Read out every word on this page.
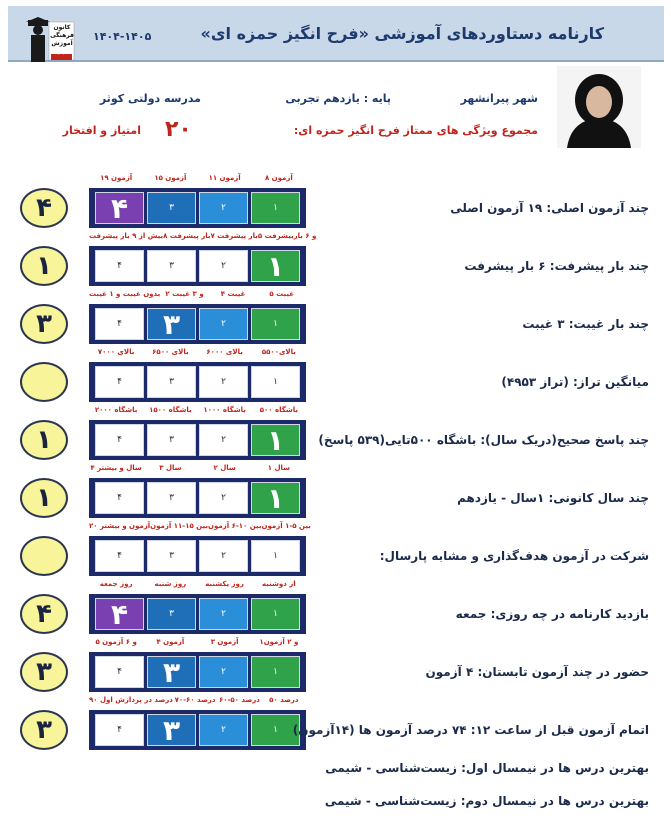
کانون
فرهنگی
آموزش
قلم چی
۱۴۰۴-۱۴۰۵	کارنامه دستاوردهای آموزشی «فرح انگیز حمزه ای»
شهر پیرانشهر
پایه : یازدهم تجربی
مدرسه دولتی کوثر
مجموع ویژگی های ممتاز فرح انگیز حمزه ای:
۲۰
امتیاز و افتخار
۱۹ آزمون	۱۵ آزمون	۱۱ آزمون	۸ آزمون
۴	۳	۲	۱
۴	چند آزمون اصلی: ۱۹ آزمون اصلی
بیش از ۹ بار پیشرفت ۸ بار پیشرفت ۷ بار پیشرفت ۵ و ۶ باربیشرفت
۴	۳	۲	۱
۱	چند بار پیشرفت: ۶ بار پیشرفت
بدون غیبت و ۱ غیبت ۲ و ۳ غیبت	۴ غیبت	۵ غیبت
۴	۳	۲	۱
۳	چند بار غیبت: ۳ غیبت
بالای ۷۰۰۰	بالای ۶۵۰۰	بالای ۶۰۰۰	بالای۵۵۰۰
۴	۳	۲	۱	میانگین تراز: (تراز ۴۹۵۳)
باشگاه ۲۰۰۰	باشگاه ۱۵۰۰	باشگاه ۱۰۰۰	باشگاه ۵۰۰
۴	۳	۲	۱
۱	چند پاسخ صحیح(دریک سال): باشگاه ۵۰۰تایی(۵۳۹ پاسخ)
۴ سال و بیشتر	۳ سال	۲ سال	۱ سال
۴	۳	۲	۱
۱	چند سال کانونی: ۱سال - یازدهم
۲۰ آزمون و بیشتر بین ۱۵-۱۱ آزمون بین ۱۰-۶ آزمون بین ۵-۱ آزمون
۴	۳	۲	۱	شرکت در آزمون هدف‌گذاری و مشابه پارسال:
روز جمعه	روز شنبه	روز یکشنبه	از دوشنبه
۴	۳	۲	۱
۴	بازدید کارنامه در چه روزی: جمعه
۵ و ۶ آزمون	۴ آزمون	۳ آزمون	۱و ۲ آزمون
۴	۳	۲	۱
۳	حضور در چند آزمون تابستان: ۴ آزمون
۹۰ درصد در پردازش اول ۷۰-۶۰ درصد ۶۰-۵۰ درصد	۵۰ درصد
۴	۳	۲	۱
۳	اتمام آزمون قبل از ساعت ۱۲: ۷۴ درصد آزمون ها (۱۴آزمون)
بهترین درس ها در نیمسال اول: زیست‌شناسی - شیمی
بهترین درس ها در نیمسال دوم: زیست‌شناسی - شیمی
